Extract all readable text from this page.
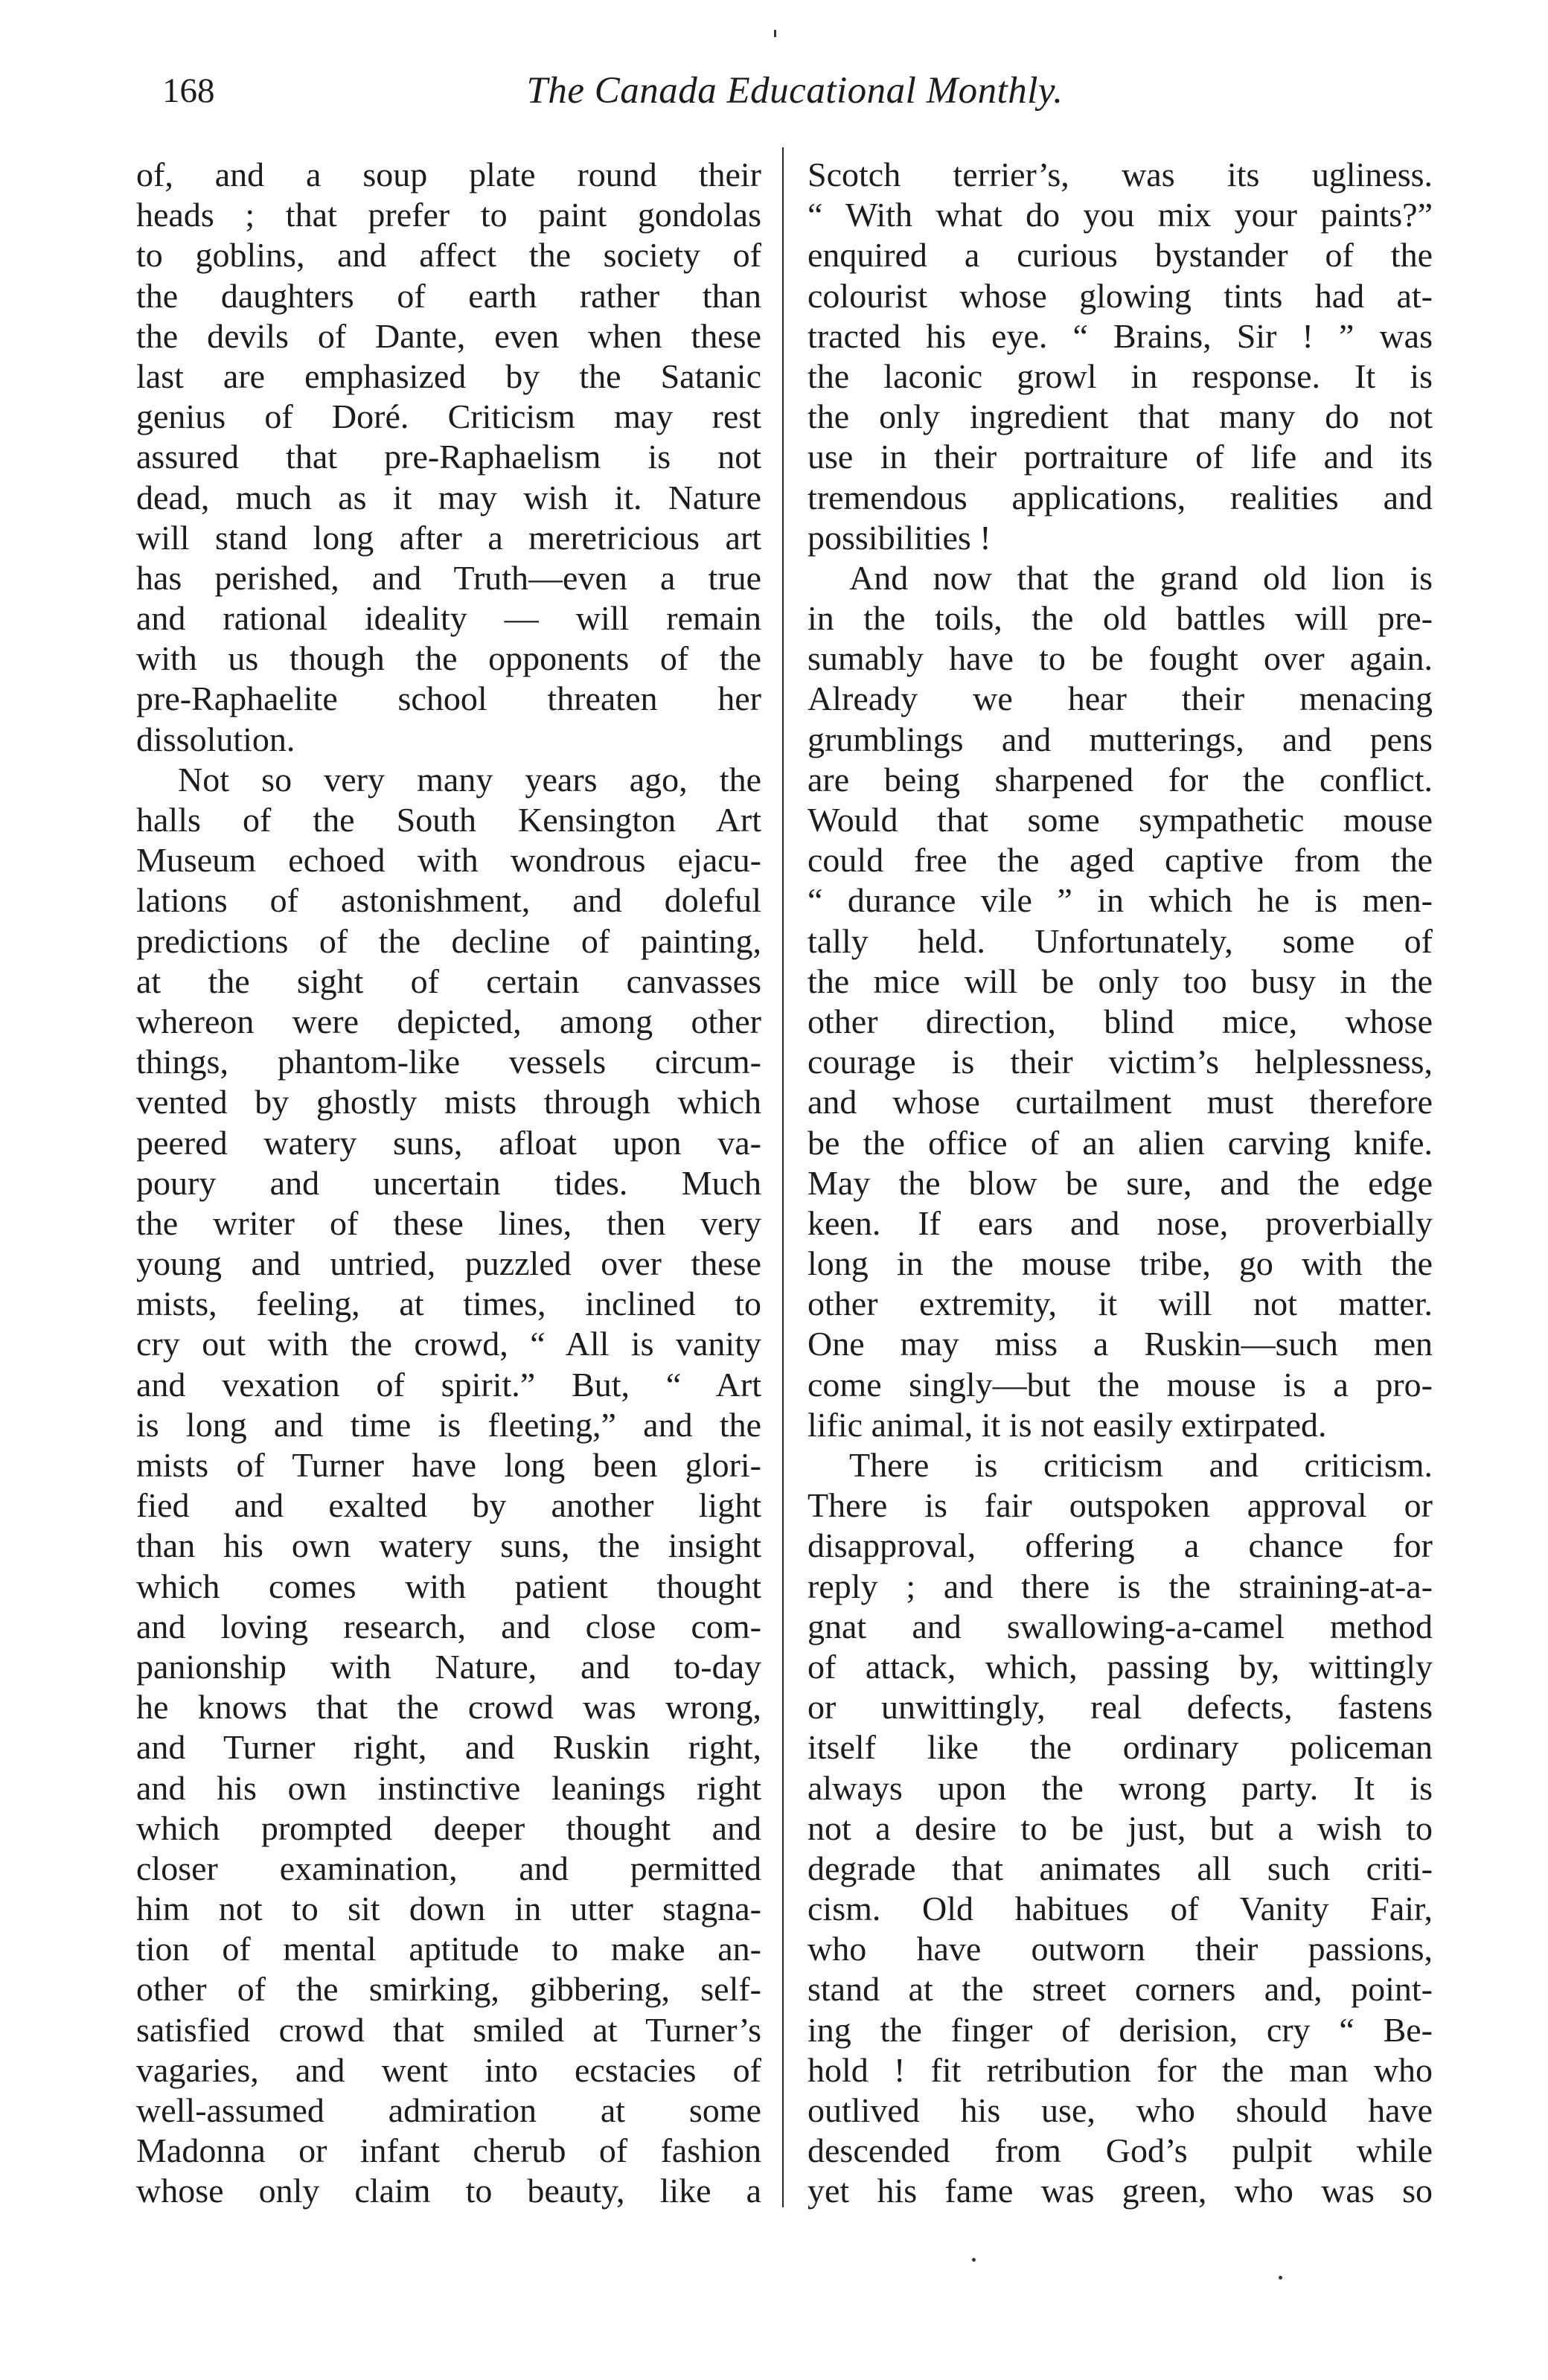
168	The Canada Educational Monthly.
of, and a soup plate round their
heads ; that prefer to paint gondolas
to goblins, and affect the society of
the daughters of earth rather than
the devils of Dante, even when these
last are emphasized by the Satanic
genius of Doré. Criticism may rest
assured that pre-Raphaelism is not
dead, much as it may wish it. Nature
will stand long after a meretricious art
has perished, and Truth—even a true
and rational ideality — will remain
with us though the opponents of the
pre-Raphaelite school threaten her
dissolution.
Not so very many years ago, the
halls of the South Kensington Art
Museum echoed with wondrous ejacu-
lations of astonishment, and doleful
predictions of the decline of painting,
at the sight of certain canvasses
whereon were depicted, among other
things, phantom-like vessels circum-
vented by ghostly mists through which
peered watery suns, afloat upon va-
poury and uncertain tides. Much
the writer of these lines, then very
young and untried, puzzled over these
mists, feeling, at times, inclined to
cry out with the crowd, “ All is vanity
and vexation of spirit.” But, “ Art
is long and time is fleeting,” and the
mists of Turner have long been glori-
fied and exalted by another light
than his own watery suns, the insight
which comes with patient thought
and loving research, and close com-
panionship with Nature, and to-day
he knows that the crowd was wrong,
and Turner right, and Ruskin right,
and his own instinctive leanings right
which prompted deeper thought and
closer examination, and permitted
him not to sit down in utter stagna-
tion of mental aptitude to make an-
other of the smirking, gibbering, self-
satisfied crowd that smiled at Turner’s
vagaries, and went into ecstacies of
well-assumed admiration at some
Madonna or infant cherub of fashion
whose only claim to beauty, like a
Scotch terrier’s, was its ugliness.
“ With what do you mix your paints?”
enquired a curious bystander of the
colourist whose glowing tints had at-
tracted his eye. “ Brains, Sir ! ” was
the laconic growl in response. It is
the only ingredient that many do not
use in their portraiture of life and its
tremendous applications, realities and
possibilities !
And now that the grand old lion is
in the toils, the old battles will pre-
sumably have to be fought over again.
Already we hear their menacing
grumblings and mutterings, and pens
are being sharpened for the conflict.
Would that some sympathetic mouse
could free the aged captive from the
“ durance vile ” in which he is men-
tally held. Unfortunately, some of
the mice will be only too busy in the
other direction, blind mice, whose
courage is their victim’s helplessness,
and whose curtailment must therefore
be the office of an alien carving knife.
May the blow be sure, and the edge
keen. If ears and nose, proverbially
long in the mouse tribe, go with the
other extremity, it will not matter.
One may miss a Ruskin—such men
come singly—but the mouse is a pro-
lific animal, it is not easily extirpated.
There is criticism and criticism.
There is fair outspoken approval or
disapproval, offering a chance for
reply ; and there is the straining-at-a-
gnat and swallowing-a-camel method
of attack, which, passing by, wittingly
or unwittingly, real defects, fastens
itself like the ordinary policeman
always upon the wrong party. It is
not a desire to be just, but a wish to
degrade that animates all such criti-
cism. Old habitues of Vanity Fair,
who have outworn their passions,
stand at the street corners and, point-
ing the finger of derision, cry “ Be-
hold ! fit retribution for the man who
outlived his use, who should have
descended from God’s pulpit while
yet his fame was green, who was so
